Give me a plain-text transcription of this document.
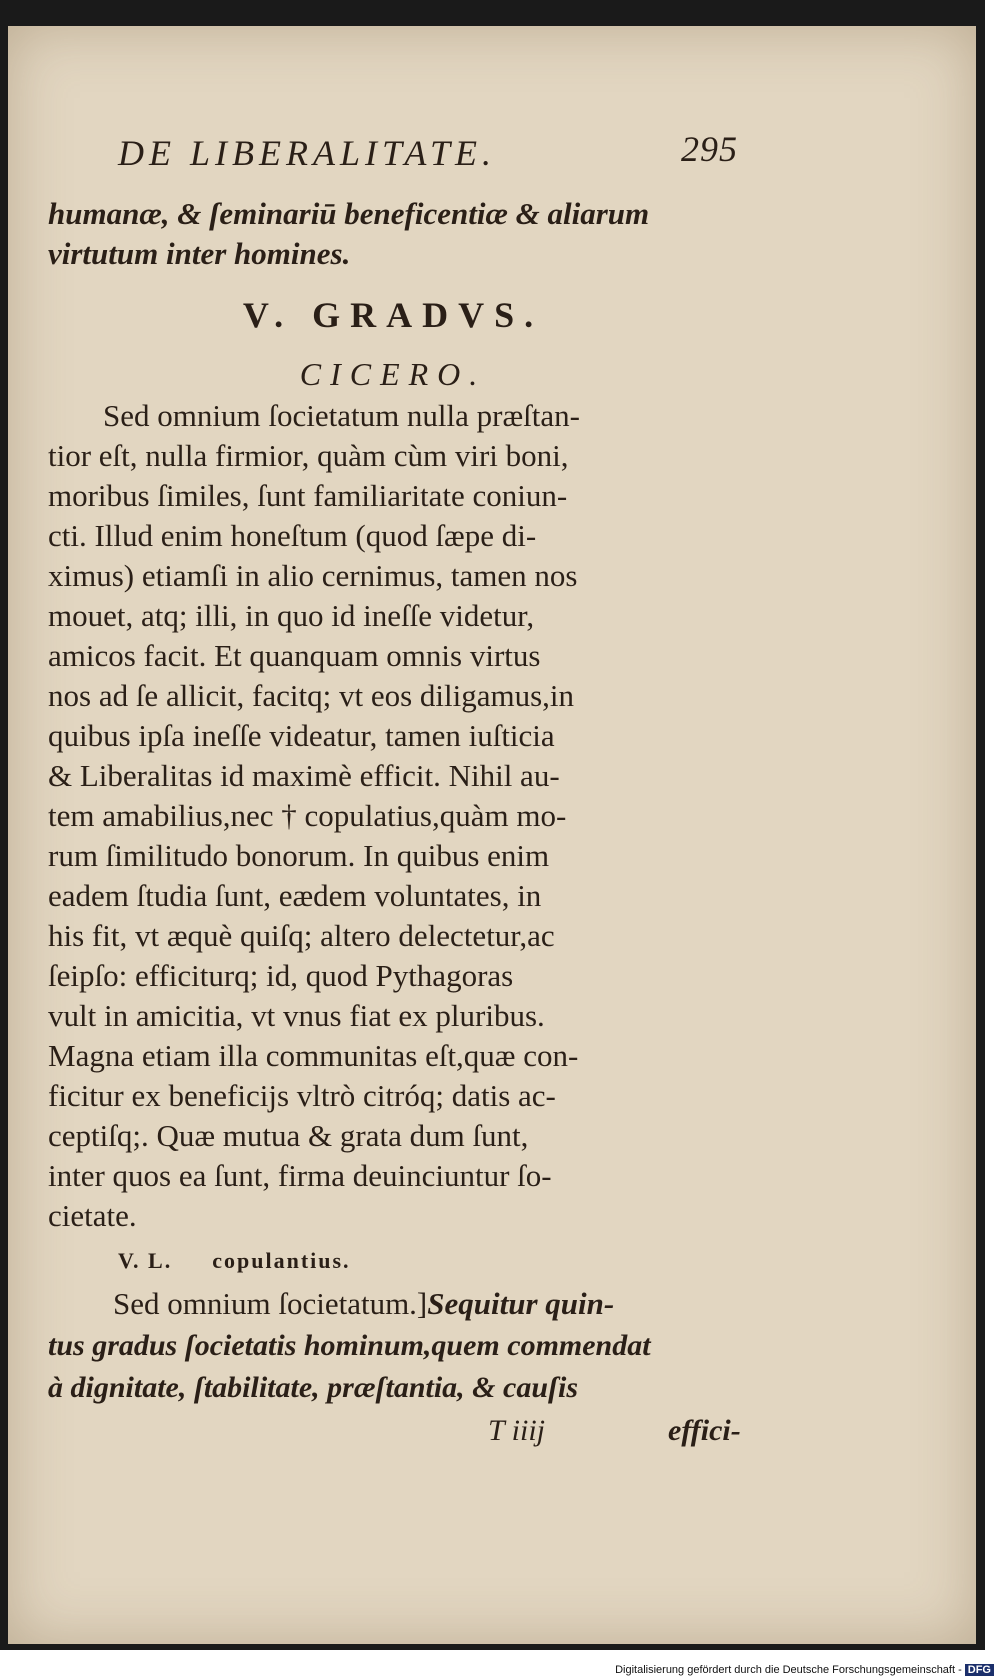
DE LIBERALITATE.	295
humanæ, & ſeminariū beneficentiæ & aliarum
virtutum inter homines.
V. GRADVS.
CICERO.
Sed omnium ſocietatum nulla præſtan-
tior eſt, nulla firmior, quàm cùm viri boni,
moribus ſimiles, ſunt familiaritate coniun-
cti. Illud enim honeſtum (quod ſæpe di-
ximus) etiamſi in alio cernimus, tamen nos
mouet, atq; illi, in quo id ineſſe videtur,
amicos facit. Et quanquam omnis virtus
nos ad ſe allicit, facitq; vt eos diligamus,in
quibus ipſa ineſſe videatur, tamen iuſticia
& Liberalitas id maximè efficit. Nihil au-
tem amabilius,nec † copulatius,quàm mo-
rum ſimilitudo bonorum. In quibus enim
eadem ſtudia ſunt, eædem voluntates, in
his fit, vt æquè quiſq; altero delectetur,ac
ſeipſo: efficiturq; id, quod Pythagoras
vult in amicitia, vt vnus fiat ex pluribus.
Magna etiam illa communitas eſt,quæ con-
ficitur ex beneficijs vltrò citróq; datis ac-
ceptiſq;. Quæ mutua & grata dum ſunt,
inter quos ea ſunt, firma deuinciuntur ſo-
cietate.
V. L. copulantius.
Sed omnium ſocietatum.]Sequitur quin-
tus gradus ſocietatis hominum,quem commendat
à dignitate, ſtabilitate, præſtantia, & cauſis
T iiij	effici-
Digitalisierung gefördert durch die Deutsche Forschungsgemeinschaft - DFG
